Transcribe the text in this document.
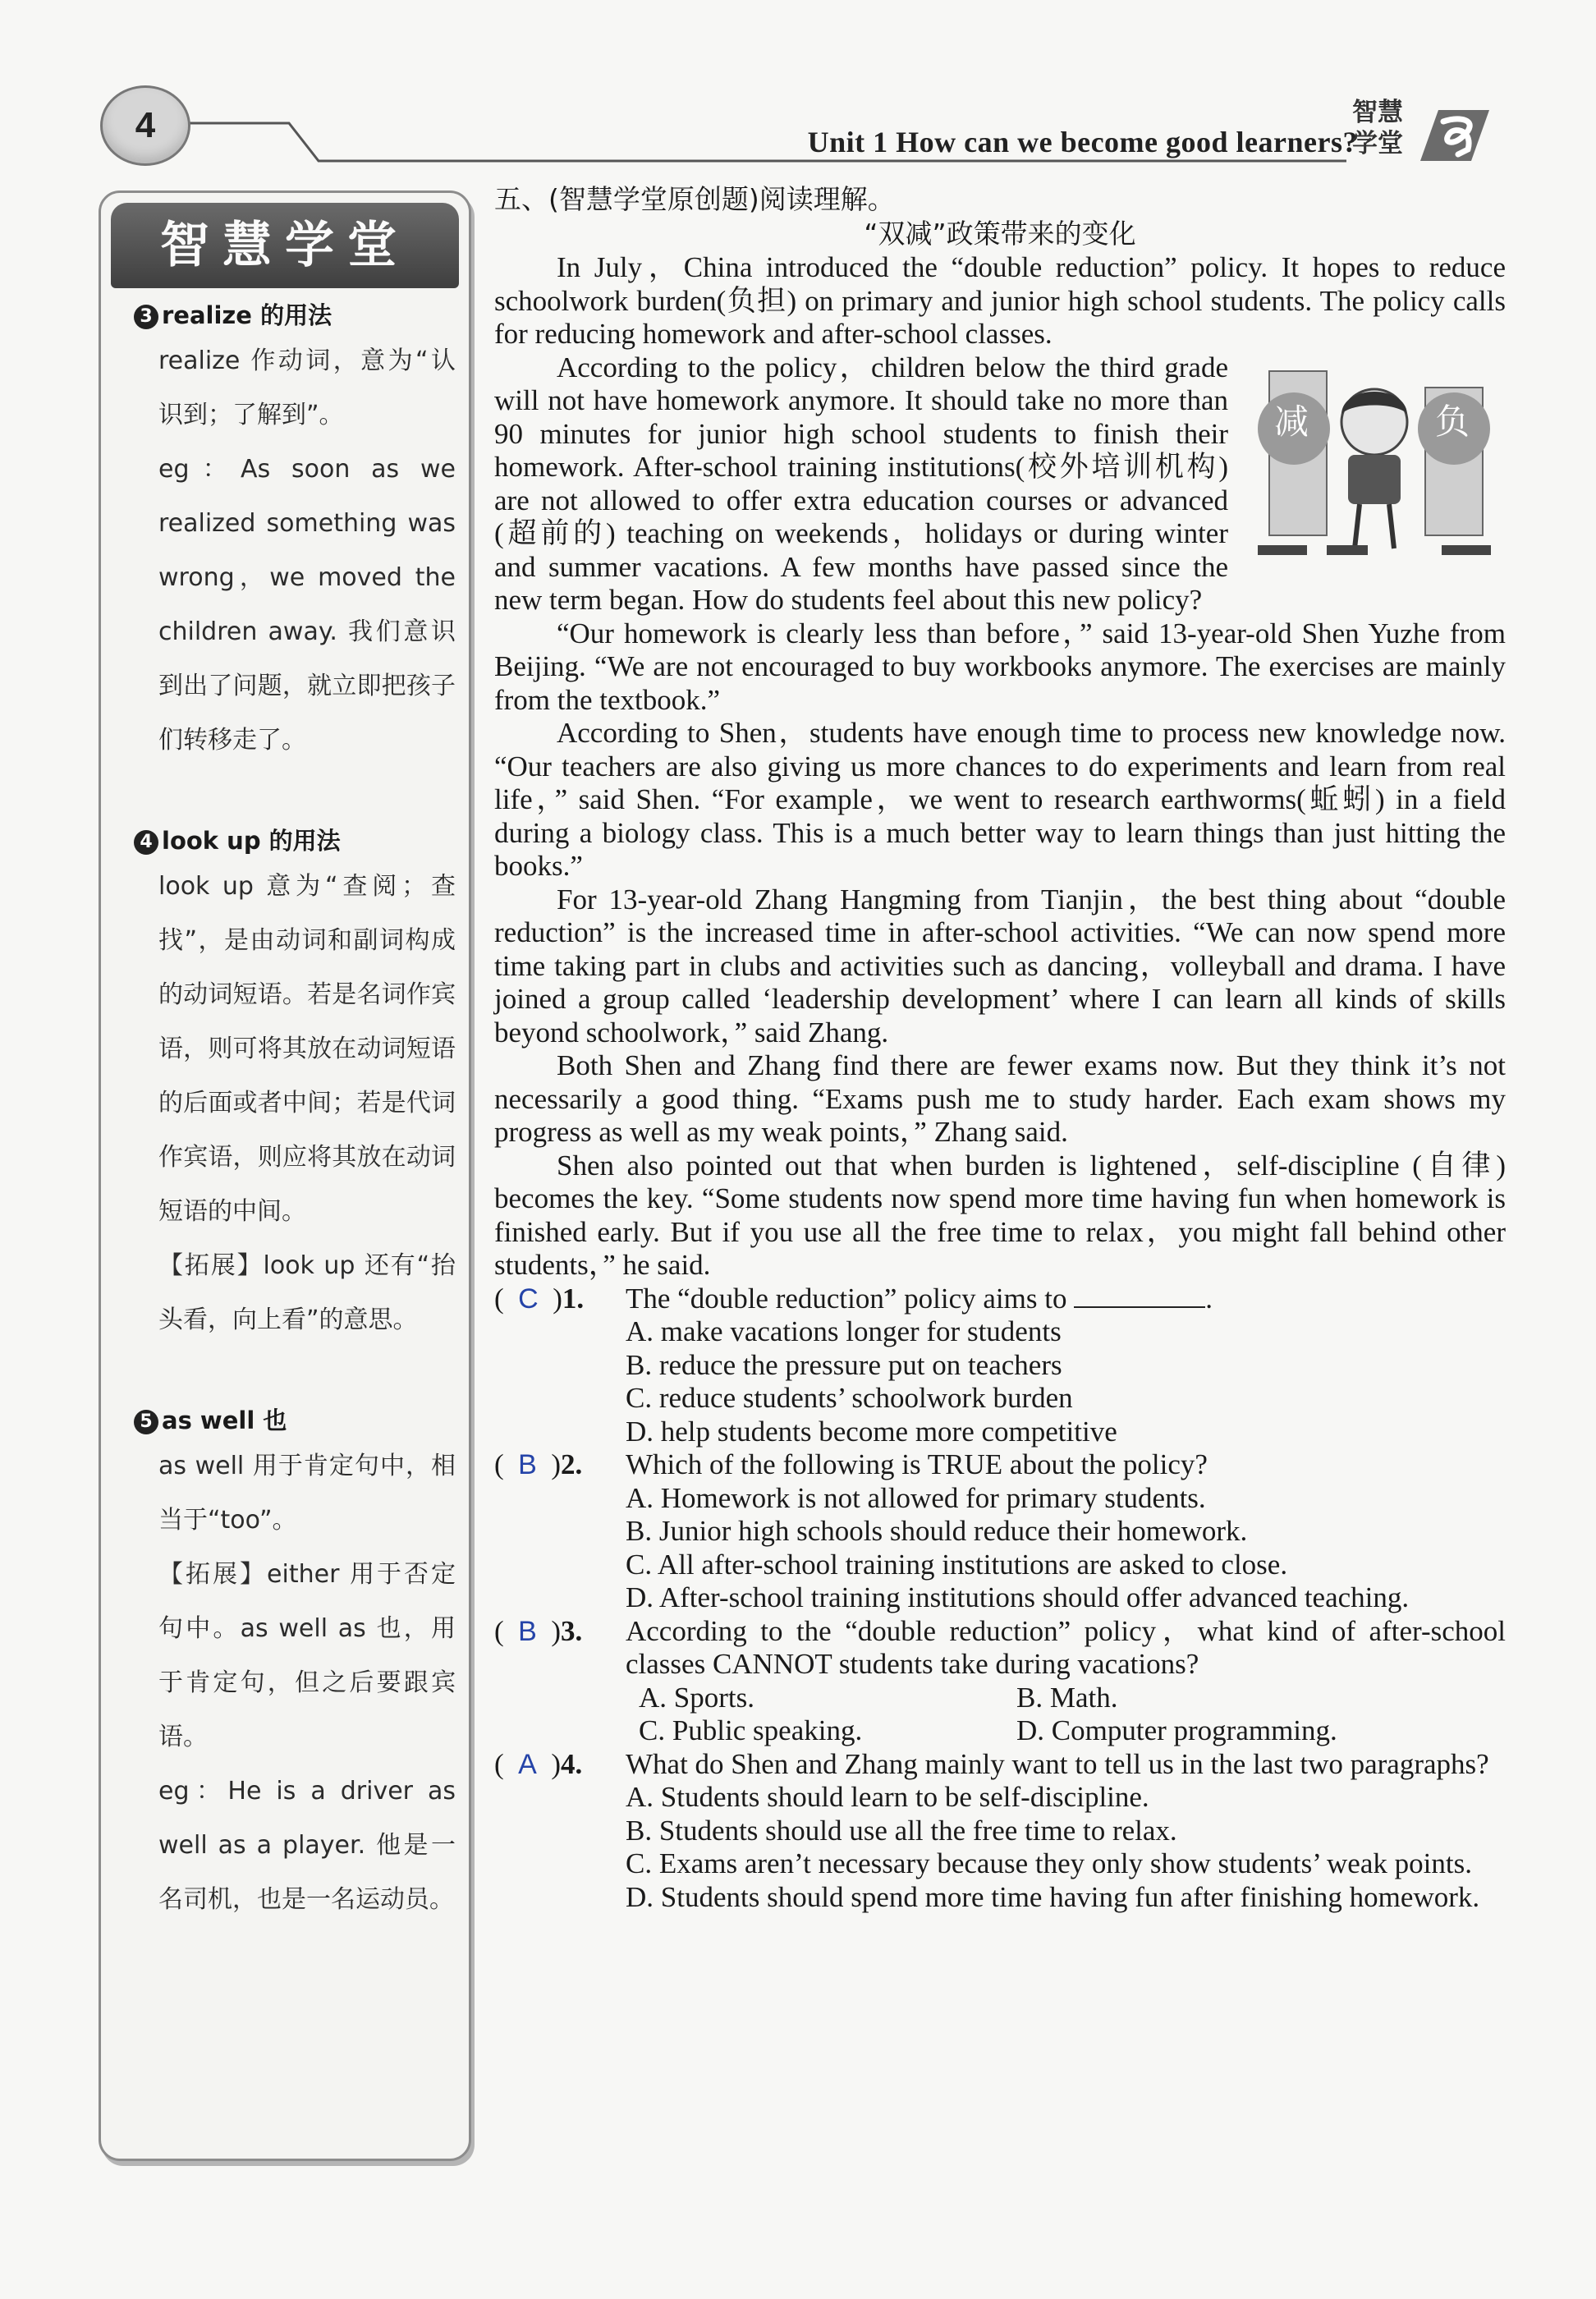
4	Unit 1 How can we become good learners?
智慧学堂
智慧学堂
3 realize 的用法

realize 作动词，意为“认识到；了解到”。

eg：As soon as we realized something was wrong，we moved the children away. 我们意识到出了问题，就立即把孩子们转移走了。

4 look up 的用法

look up 意为“查阅；查找”，是由动词和副词构成的动词短语。若是名词作宾语，则可将其放在动词短语的后面或者中间；若是代词作宾语，则应将其放在动词短语的中间。

【拓展】look up 还有“抬头看，向上看”的意思。

5 as well 也

as well 用于肯定句中，相当于“too”。

【拓展】either 用于否定句中。as well as 也，用于肯定句，但之后要跟宾语。

eg：He is a driver as well as a player. 他是一名司机，也是一名运动员。

五、(智慧学堂原创题)阅读理解。

“双减”政策带来的变化

In July，China introduced the “double reduction” policy. It hopes to reduce schoolwork burden(负担) on primary and junior high school students. The policy calls for reducing homework and after-school classes.

减	负

According to the policy，children below the third grade will not have homework anymore. It should take no more than 90 minutes for junior high school students to finish their homework. After-school training institutions(校外培训机构) are not allowed to offer extra education courses or advanced (超前的) teaching on weekends，holidays or during winter and summer vacations. A few months have passed since the new term began. How do students feel about this new policy?

“Our homework is clearly less than before，” said 13-year-old Shen Yuzhe from Beijing. “We are not encouraged to buy workbooks anymore. The exercises are mainly from the textbook.”

According to Shen，students have enough time to process new knowledge now. “Our teachers are also giving us more chances to do experiments and learn from real life，” said Shen. “For example，we went to research earthworms(蚯蚓) in a field during a biology class. This is a much better way to learn things than just hitting the books.”

For 13-year-old Zhang Hangming from Tianjin，the best thing about “double reduction” is the increased time in after-school activities. “We can now spend more time taking part in clubs and activities such as dancing，volleyball and drama. I have joined a group called ‘leadership development’ where I can learn all kinds of skills beyond schoolwork，” said Zhang.

Both Shen and Zhang find there are fewer exams now. But they think it’s not necessarily a good thing. “Exams push me to study harder. Each exam shows my progress as well as my weak points，” Zhang said.

Shen also pointed out that when burden is lightened，self-discipline (自律) becomes the key. “Some students now spend more time having fun when homework is finished early. But if you use all the free time to relax，you might fall behind other students，” he said.

(  C  )1.	The “double reduction” policy aims to	.

A. make vacations longer for students

B. reduce the pressure put on teachers

C. reduce students’ schoolwork burden

D. help students become more competitive

(  B  )2.	Which of the following is TRUE about the policy?

A. Homework is not allowed for primary students.

B. Junior high schools should reduce their homework.

C. All after-school training institutions are asked to close.

D. After-school training institutions should offer advanced teaching.

(  B  )3.	According to the “double reduction” policy，what kind of after-school classes CANNOT students take during vacations?

A. Sports.	B. Math.
C. Public speaking.	D. Computer programming.

(  A  )4.	What do Shen and Zhang mainly want to tell us in the last two paragraphs?

A. Students should learn to be self-discipline.

B. Students should use all the free time to relax.

C. Exams aren’t necessary because they only show students’ weak points.

D. Students should spend more time having fun after finishing homework.
